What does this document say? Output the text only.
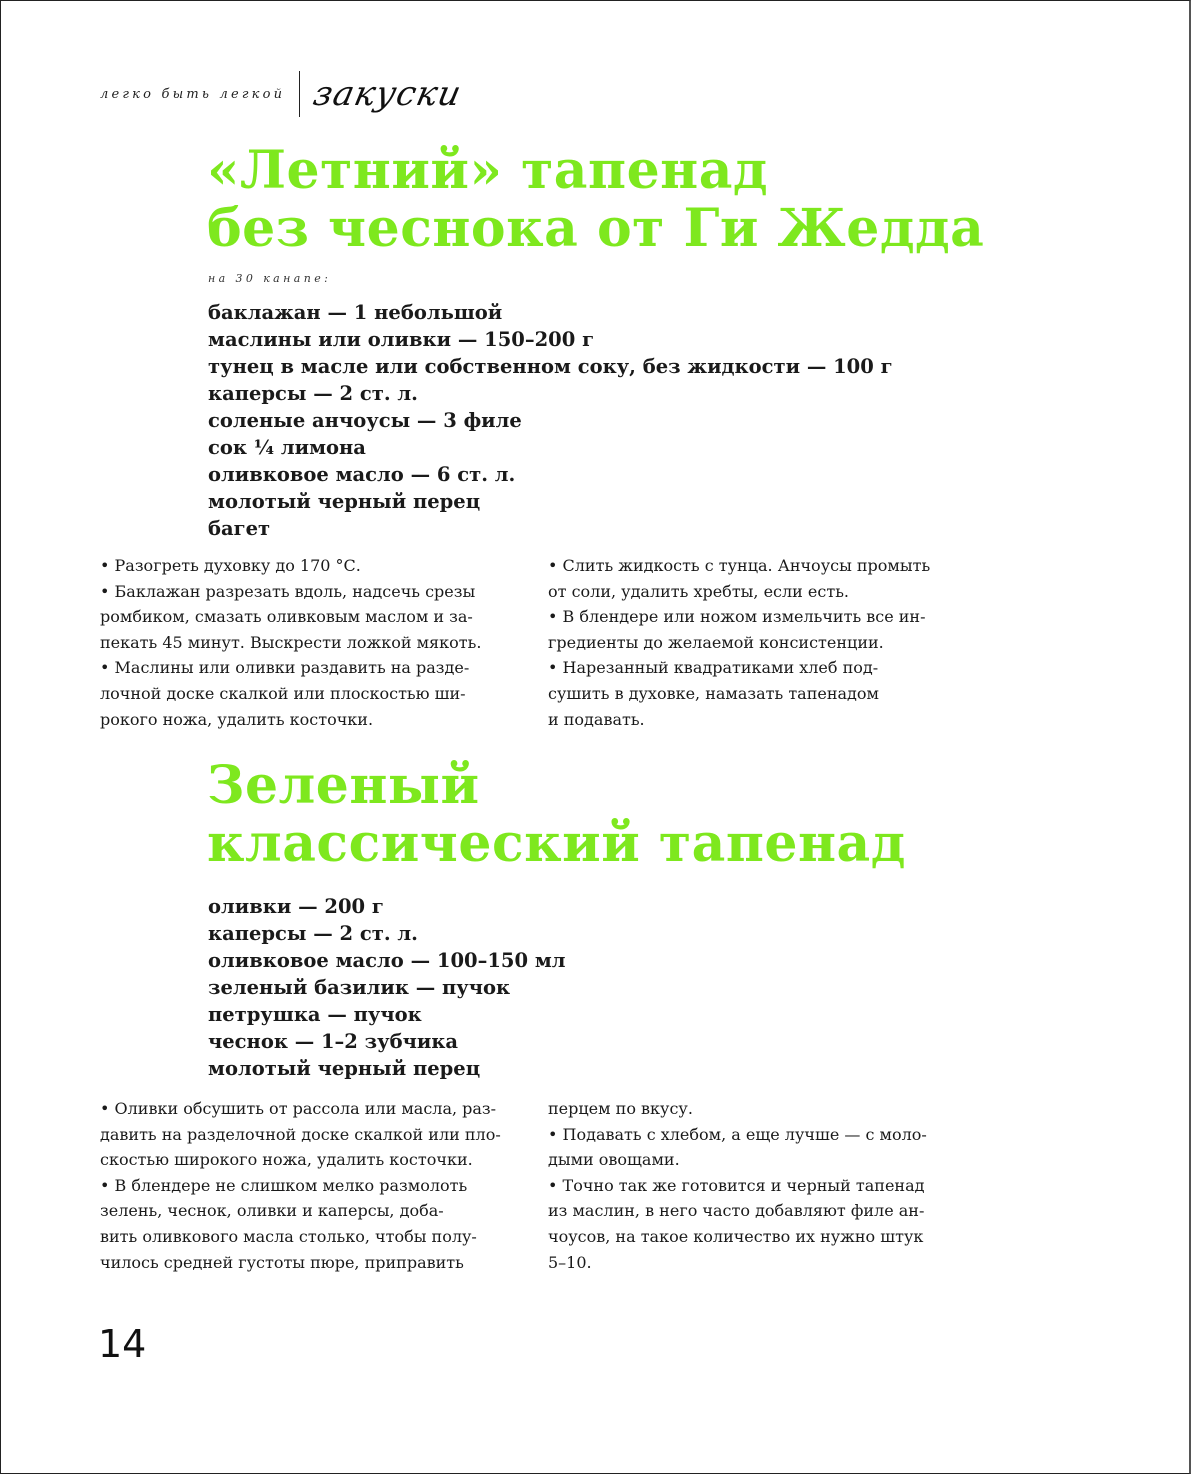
легко быть легкой закуски
«Летний» тапенад
без чеснока от Ги Жедда
на 30 канапе:
баклажан — 1 небольшой
маслины или оливки — 150–200 г
тунец в масле или собственном соку, без жидкости — 100 г
каперсы — 2 ст. л.
соленые анчоусы — 3 филе
сок ¼ лимона
оливковое масло — 6 ст. л.
молотый черный перец
багет
• Разогреть духовку до 170 °С.
• Баклажан разрезать вдоль, надсечь срезы
ромбиком, смазать оливковым маслом и за-
пекать 45 минут. Выскрести ложкой мякоть.
• Маслины или оливки раздавить на разде-
лочной доске скалкой или плоскостью ши-
рокого ножа, удалить косточки.
• Слить жидкость с тунца. Анчоусы промыть
от соли, удалить хребты, если есть.
• В блендере или ножом измельчить все ин-
гредиенты до желаемой консистенции.
• Нарезанный квадратиками хлеб под-
сушить в духовке, намазать тапенадом
и подавать.
Зеленый
классический тапенад
оливки — 200 г
каперсы — 2 ст. л.
оливковое масло — 100–150 мл
зеленый базилик — пучок
петрушка — пучок
чеснок — 1–2 зубчика
молотый черный перец
• Оливки обсушить от рассола или масла, раз-
давить на разделочной доске скалкой или пло-
скостью широкого ножа, удалить косточки.
• В блендере не слишком мелко размолоть
зелень, чеснок, оливки и каперсы, доба-
вить оливкового масла столько, чтобы полу-
чилось средней густоты пюре, приправить
перцем по вкусу.
• Подавать с хлебом, а еще лучше — с моло-
дыми овощами.
• Точно так же готовится и черный тапенад
из маслин, в него часто добавляют филе ан-
чоусов, на такое количество их нужно штук
5–10.
14
